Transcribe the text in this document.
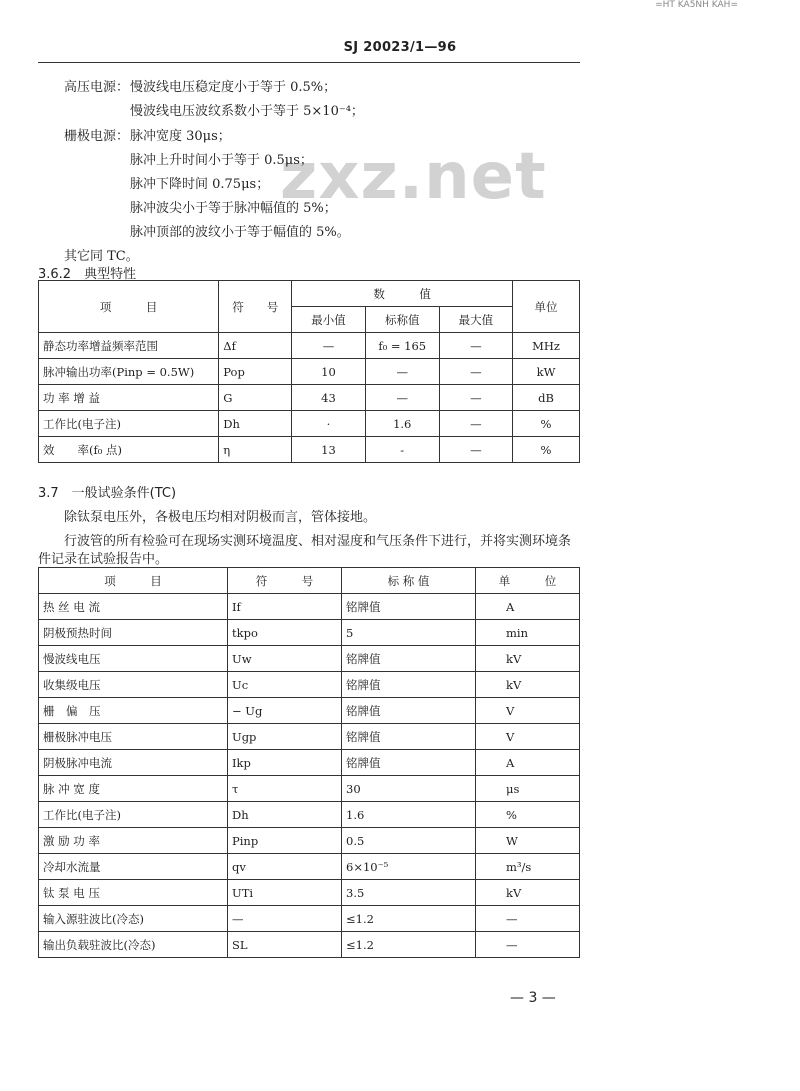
=HT KA5NH KAH=
SJ 20023/1—96
zxz.net
高压电源： 慢波线电压稳定度小于等于 0.5%；
慢波线电压波纹系数小于等于 5×10⁻⁴；
栅极电源： 脉冲宽度 30μs；
脉冲上升时间小于等于 0.5μs；
脉冲下降时间 0.75μs；
脉冲波尖小于等于脉冲幅值的 5%；
脉冲顶部的波纹小于等于幅值的 5%。
其它同 TC。
3.6.2　典型特性
项　　　目	符　　号	数　　　值			单位
		最小值	标称值	最大值	
静态功率增益频率范围	Δf	—	f₀ = 165	—	MHz
脉冲输出功率(Pinp = 0.5W)	Pop	10	—	—	kW
功 率 增 益	G	43	—	—	dB
工作比(电子注)	Dh	·	1.6	—	%
效　　率(f₀ 点)	η	13	-	—	%
3.7　一般试验条件(TC)
除钛泵电压外，各极电压均相对阴极而言，管体接地。
行波管的所有检验可在现场实测环境温度、相对湿度和气压条件下进行，并将实测环境条
件记录在试验报告中。
项　　　目	符　　　号	标 称 值	单　　　位
热 丝 电 流	If	铭牌值	A
阴极预热时间	tkpo	5	min
慢波线电压	Uw	铭牌值	kV
收集级电压	Uc	铭牌值	kV
栅　偏　压	− Ug	铭牌值	V
栅极脉冲电压	Ugp	铭牌值	V
阴极脉冲电流	Ikp	铭牌值	A
脉 冲 宽 度	τ	30	μs
工作比(电子注)	Dh	1.6	%
激 励 功 率	Pinp	0.5	W
冷却水流量	qv	6×10⁻⁵	m³/s
钛 泵 电 压	UTi	3.5	kV
输入源驻波比(冷态)	—	≤1.2	—
输出负载驻波比(冷态)	SL	≤1.2	—
— 3 —
